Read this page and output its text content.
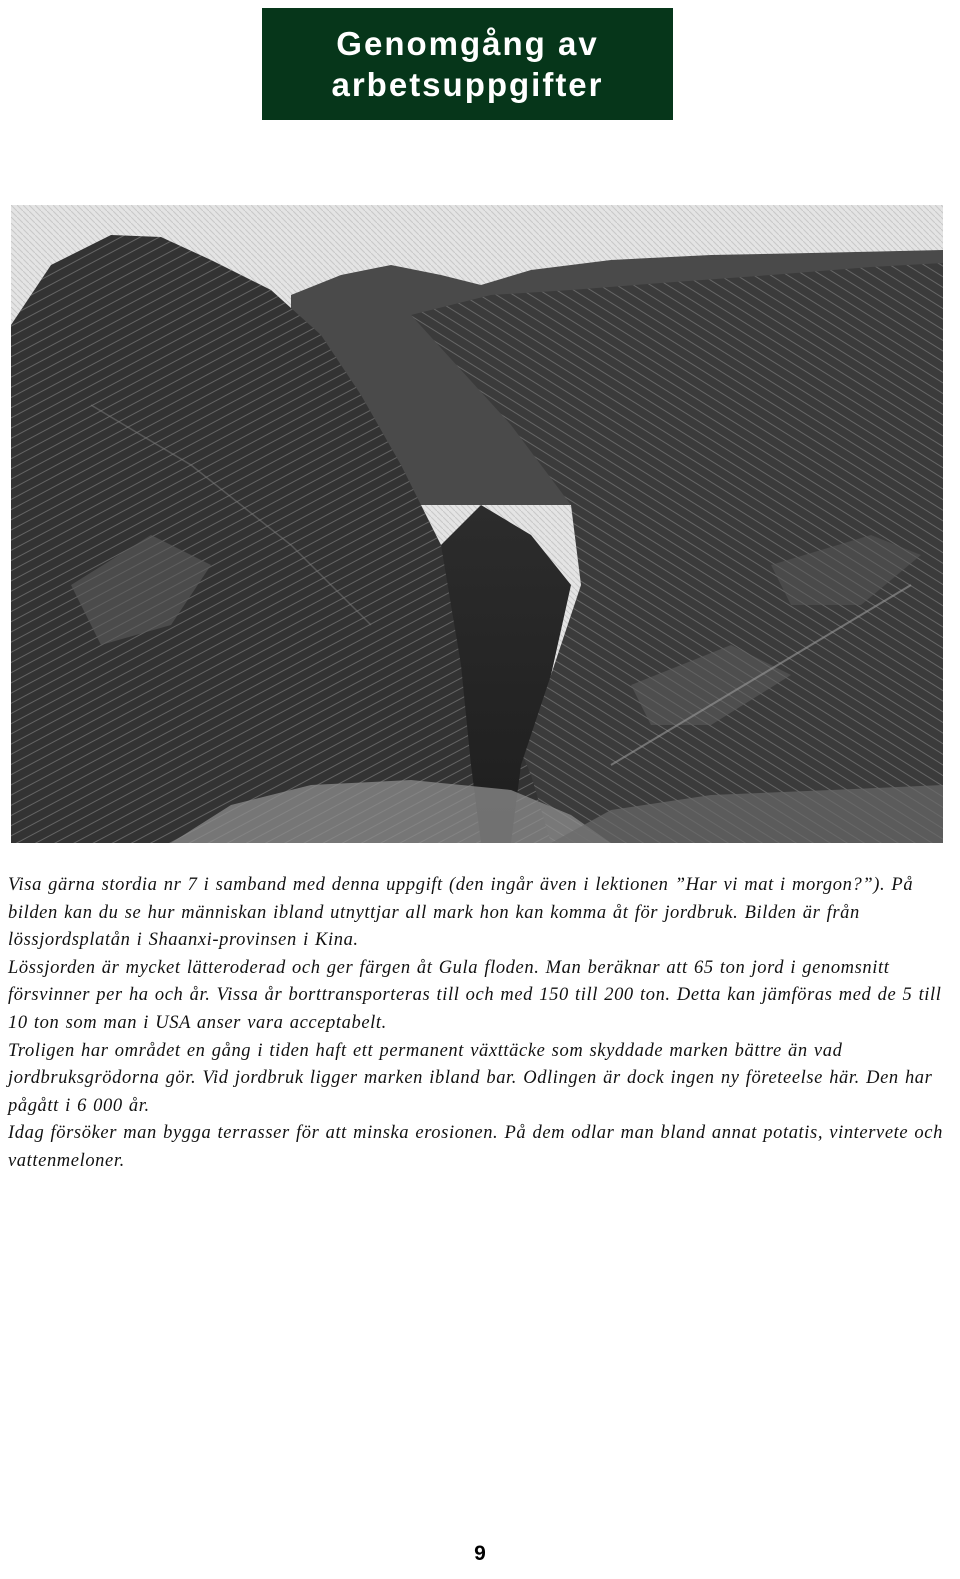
Genomgång av arbetsuppgifter

Visa gärna stordia nr 7 i samband med denna uppgift (den ingår även i lektionen ”Har vi mat i morgon?”). På bilden kan du se hur människan ibland utnyttjar all mark hon kan komma åt för jordbruk. Bilden är från lössjordsplatån i Shaanxi-provinsen i Kina.

Lössjorden är mycket lätteroderad och ger färgen åt Gula floden. Man beräknar att 65 ton jord i genomsnitt försvinner per ha och år. Vissa år borttransporteras till och med 150 till 200 ton. Detta kan jämföras med de 5 till 10 ton som man i USA anser vara acceptabelt.

Troligen har området en gång i tiden haft ett permanent växttäcke som skyddade marken bättre än vad jordbruksgrödorna gör. Vid jordbruk ligger marken ibland bar. Odlingen är dock ingen ny företeelse här. Den har pågått i 6 000 år.

Idag försöker man bygga terrasser för att minska erosionen. På dem odlar man bland annat potatis, vintervete och vattenmeloner.

9
